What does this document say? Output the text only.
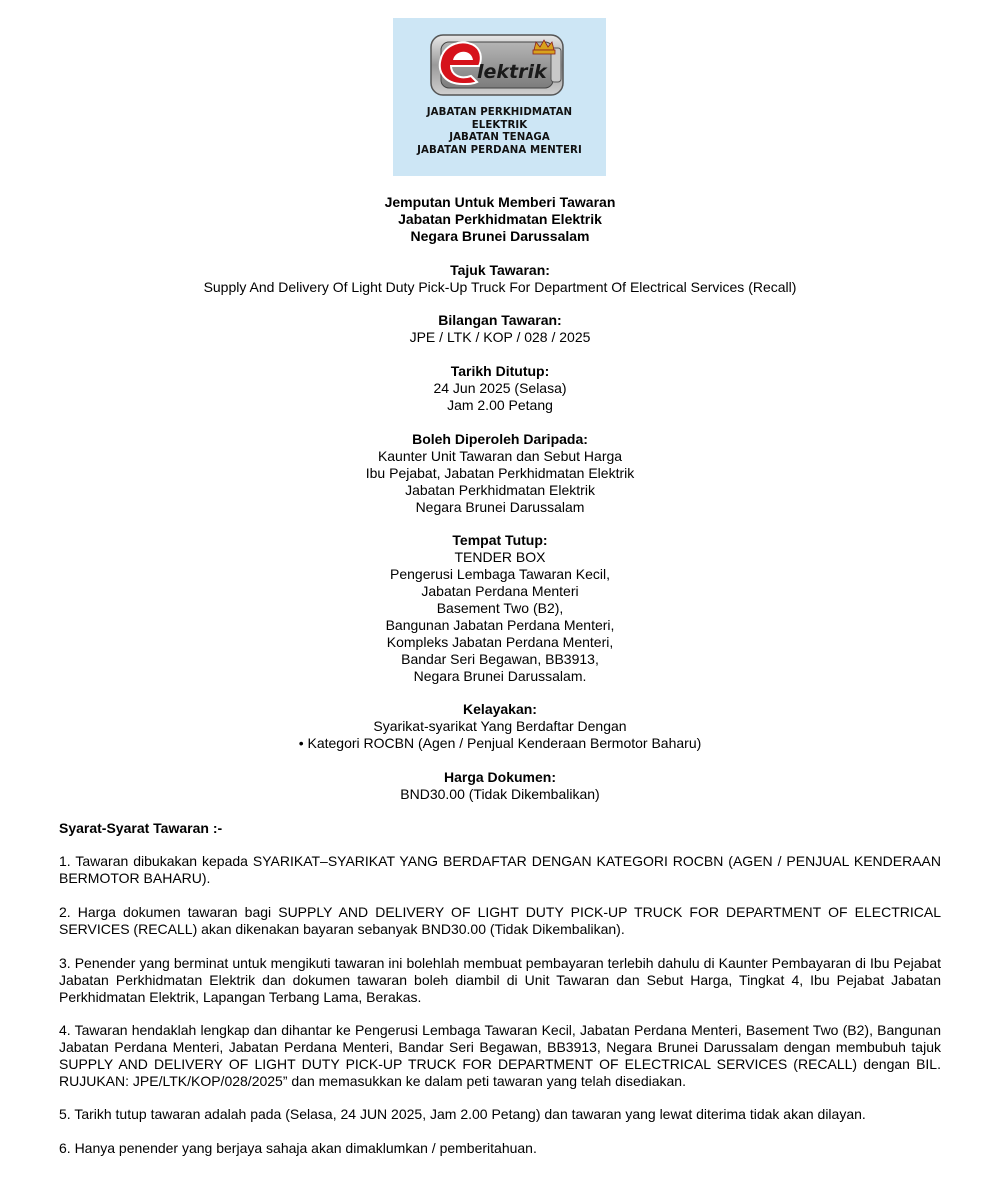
lektrik
JABATAN PERKHIDMATAN
ELEKTRIK
JABATAN TENAGA
JABATAN PERDANA MENTERI
Jemputan Untuk Memberi Tawaran
Jabatan Perkhidmatan Elektrik
Negara Brunei Darussalam
Tajuk Tawaran:
Supply And Delivery Of Light Duty Pick-Up Truck For Department Of Electrical Services (Recall)
Bilangan Tawaran:
JPE / LTK / KOP / 028 / 2025
Tarikh Ditutup:
24 Jun 2025 (Selasa)
Jam 2.00 Petang
Boleh Diperoleh Daripada:
Kaunter Unit Tawaran dan Sebut Harga
Ibu Pejabat, Jabatan Perkhidmatan Elektrik
Jabatan Perkhidmatan Elektrik
Negara Brunei Darussalam
Tempat Tutup:
TENDER BOX
Pengerusi Lembaga Tawaran Kecil,
Jabatan Perdana Menteri
Basement Two (B2),
Bangunan Jabatan Perdana Menteri,
Kompleks Jabatan Perdana Menteri,
Bandar Seri Begawan, BB3913,
Negara Brunei Darussalam.
Kelayakan:
Syarikat-syarikat Yang Berdaftar Dengan
• Kategori ROCBN (Agen / Penjual Kenderaan Bermotor Baharu)
Harga Dokumen:
BND30.00 (Tidak Dikembalikan)
Syarat-Syarat Tawaran :-
1. Tawaran dibukakan kepada SYARIKAT–SYARIKAT YANG BERDAFTAR DENGAN KATEGORI ROCBN (AGEN / PENJUAL KENDERAAN BERMOTOR BAHARU).
2. Harga dokumen tawaran bagi SUPPLY AND DELIVERY OF LIGHT DUTY PICK-UP TRUCK FOR DEPARTMENT OF ELECTRICAL SERVICES (RECALL) akan dikenakan bayaran sebanyak BND30.00 (Tidak Dikembalikan).
3. Penender yang berminat untuk mengikuti tawaran ini bolehlah membuat pembayaran terlebih dahulu di Kaunter Pembayaran di Ibu Pejabat Jabatan Perkhidmatan Elektrik dan dokumen tawaran boleh diambil di Unit Tawaran dan Sebut Harga, Tingkat 4, Ibu Pejabat Jabatan Perkhidmatan Elektrik, Lapangan Terbang Lama, Berakas.
4. Tawaran hendaklah lengkap dan dihantar ke Pengerusi Lembaga Tawaran Kecil, Jabatan Perdana Menteri, Basement Two (B2), Bangunan Jabatan Perdana Menteri, Jabatan Perdana Menteri, Bandar Seri Begawan, BB3913, Negara Brunei Darussalam dengan membubuh tajuk SUPPLY AND DELIVERY OF LIGHT DUTY PICK-UP TRUCK FOR DEPARTMENT OF ELECTRICAL SERVICES (RECALL) dengan BIL. RUJUKAN: JPE/LTK/KOP/028/2025” dan memasukkan ke dalam peti tawaran yang telah disediakan.
5. Tarikh tutup tawaran adalah pada (Selasa, 24 JUN 2025, Jam 2.00 Petang) dan tawaran yang lewat diterima tidak akan dilayan.
6. Hanya penender yang berjaya sahaja akan dimaklumkan / pemberitahuan.
